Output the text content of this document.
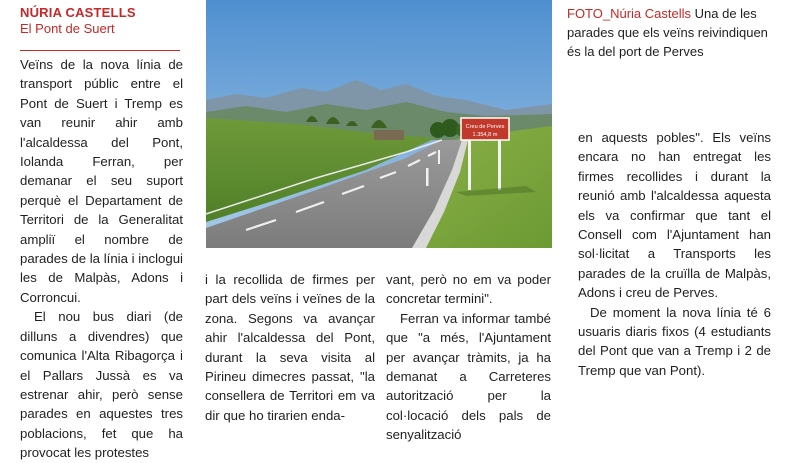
NÚRIA CASTELLS
El Pont de Suert

Veïns de la nova línia de transport públic entre el Pont de Suert i Tremp es van reunir ahir amb l'alcaldessa del Pont, Iolanda Ferran, per demanar el seu suport perquè el Departament de Territori de la Generalitat ampliï el nombre de parades de la línia i inclogui les de Malpàs, Adons i Corroncui.

El nou bus diari (de dilluns a divendres) que comunica l'Alta Ribagorça i el Pallars Jussà es va estrenar ahir, però sense parades en aquestes tres poblacions, fet que ha provocat les protestes

Creu de Perves
1.354,8 m
FOTO_Núria Castells Una de les parades que els veïns reivindiquen és la del port de Perves

i la recollida de firmes per part dels veïns i veïnes de la zona. Segons va avançar ahir l'alcaldessa del Pont, durant la seva visita al Pirineu dimecres passat, "la consellera de Territori em va dir que ho tirarien enda-

vant, però no em va poder concretar termini".

Ferran va informar també que "a més, l'Ajuntament per avançar tràmits, ja ha demanat a Carreteres autorització per la col·locació dels pals de senyalització

en aquests pobles". Els veïns encara no han entregat les firmes recollides i durant la reunió amb l'alcaldessa aquesta els va confirmar que tant el Consell com l'Ajuntament han sol·licitat a Transports les parades de la cruïlla de Malpàs, Adons i creu de Perves.

De moment la nova línia té 6 usuaris diaris fixos (4 estudiants del Pont que van a Tremp i 2 de Tremp que van Pont).
